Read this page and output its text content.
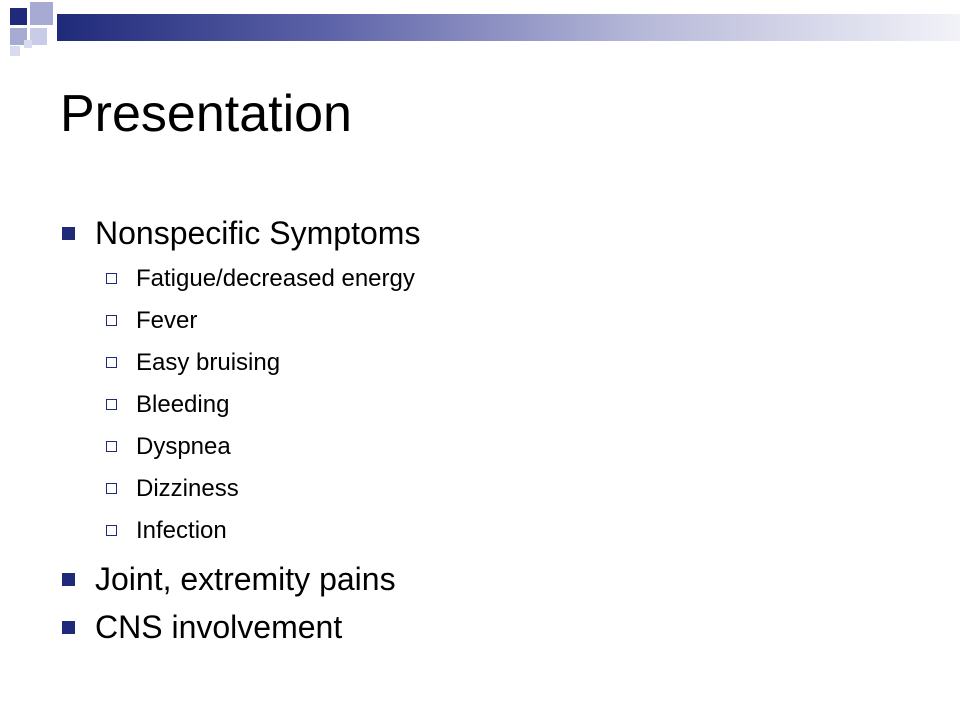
Presentation
Nonspecific Symptoms
Fatigue/decreased energy
Fever
Easy bruising
Bleeding
Dyspnea
Dizziness
Infection
Joint, extremity pains
CNS involvement
